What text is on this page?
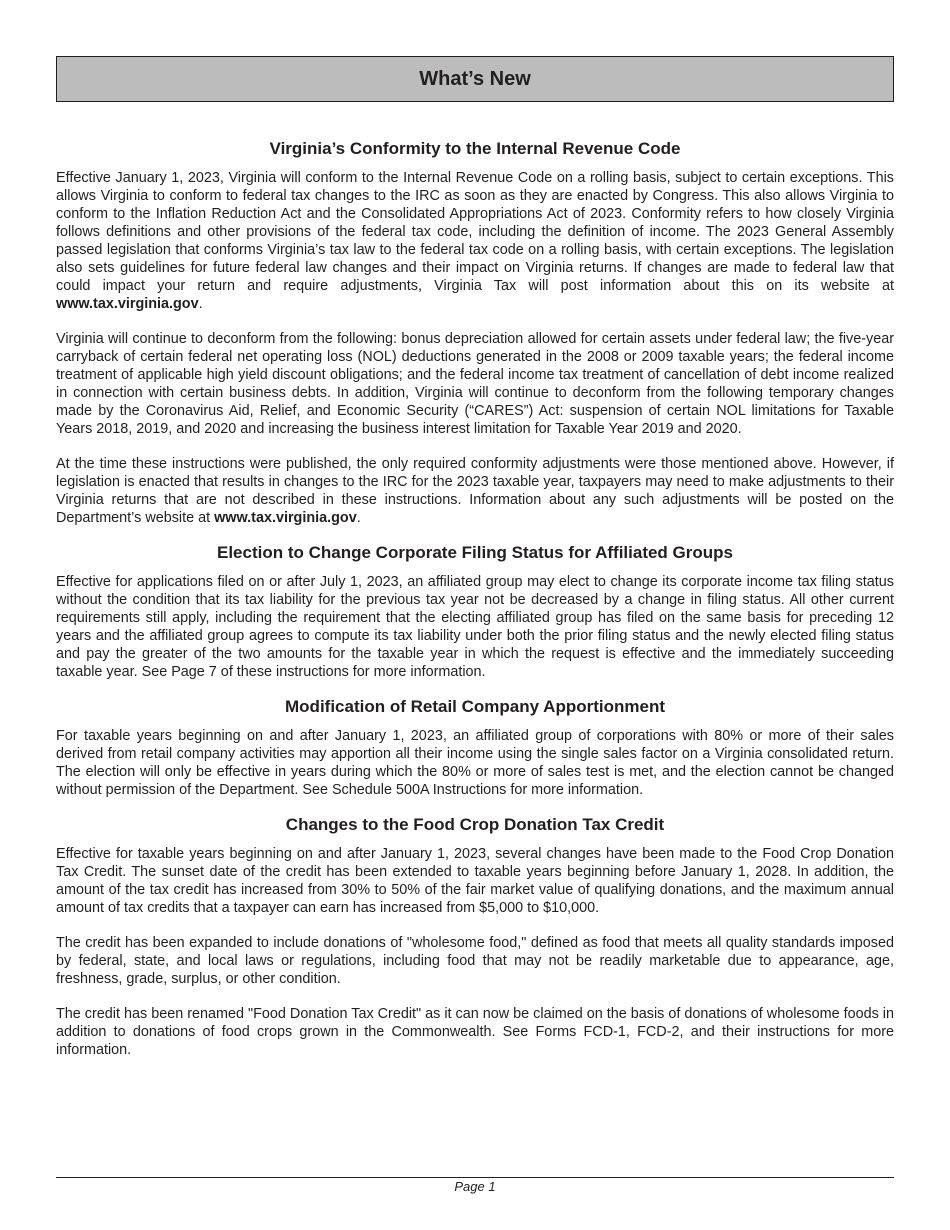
What’s New
Virginia’s Conformity to the Internal Revenue Code

Effective January 1, 2023, Virginia will conform to the Internal Revenue Code on a rolling basis, subject to certain exceptions. This allows Virginia to conform to federal tax changes to the IRC as soon as they are enacted by Congress. This also allows Virginia to conform to the Inflation Reduction Act and the Consolidated Appropriations Act of 2023. Conformity refers to how closely Virginia follows definitions and other provisions of the federal tax code, including the definition of income. The 2023 General Assembly passed legislation that conforms Virginia’s tax law to the federal tax code on a rolling basis, with certain exceptions. The legislation also sets guidelines for future federal law changes and their impact on Virginia returns. If changes are made to federal law that could impact your return and require adjustments, Virginia Tax will post information about this on its website at www.tax.virginia.gov.

Virginia will continue to deconform from the following: bonus depreciation allowed for certain assets under federal law; the five-year carryback of certain federal net operating loss (NOL) deductions generated in the 2008 or 2009 taxable years; the federal income treatment of applicable high yield discount obligations; and the federal income tax treatment of cancellation of debt income realized in connection with certain business debts. In addition, Virginia will continue to deconform from the following temporary changes made by the Coronavirus Aid, Relief, and Economic Security (“CARES”) Act: suspension of certain NOL limitations for Taxable Years 2018, 2019, and 2020 and increasing the business interest limitation for Taxable Year 2019 and 2020.

At the time these instructions were published, the only required conformity adjustments were those mentioned above. However, if legislation is enacted that results in changes to the IRC for the 2023 taxable year, taxpayers may need to make adjustments to their Virginia returns that are not described in these instructions. Information about any such adjustments will be posted on the Department’s website at www.tax.virginia.gov.

Election to Change Corporate Filing Status for Affiliated Groups

Effective for applications filed on or after July 1, 2023, an affiliated group may elect to change its corporate income tax filing status without the condition that its tax liability for the previous tax year not be decreased by a change in filing status. All other current requirements still apply, including the requirement that the electing affiliated group has filed on the same basis for preceding 12 years and the affiliated group agrees to compute its tax liability under both the prior filing status and the newly elected filing status and pay the greater of the two amounts for the taxable year in which the request is effective and the immediately succeeding taxable year. See Page 7 of these instructions for more information.

Modification of Retail Company Apportionment

For taxable years beginning on and after January 1, 2023, an affiliated group of corporations with 80% or more of their sales derived from retail company activities may apportion all their income using the single sales factor on a Virginia consolidated return. The election will only be effective in years during which the 80% or more of sales test is met, and the election cannot be changed without permission of the Department. See Schedule 500A Instructions for more information.

Changes to the Food Crop Donation Tax Credit

Effective for taxable years beginning on and after January 1, 2023, several changes have been made to the Food Crop Donation Tax Credit. The sunset date of the credit has been extended to taxable years beginning before January 1, 2028. In addition, the amount of the tax credit has increased from 30% to 50% of the fair market value of qualifying donations, and the maximum annual amount of tax credits that a taxpayer can earn has increased from $5,000 to $10,000.

The credit has been expanded to include donations of "wholesome food," defined as food that meets all quality standards imposed by federal, state, and local laws or regulations, including food that may not be readily marketable due to appearance, age, freshness, grade, surplus, or other condition.

The credit has been renamed "Food Donation Tax Credit" as it can now be claimed on the basis of donations of wholesome foods in addition to donations of food crops grown in the Commonwealth. See Forms FCD-1, FCD-2, and their instructions for more information.

Page 1
